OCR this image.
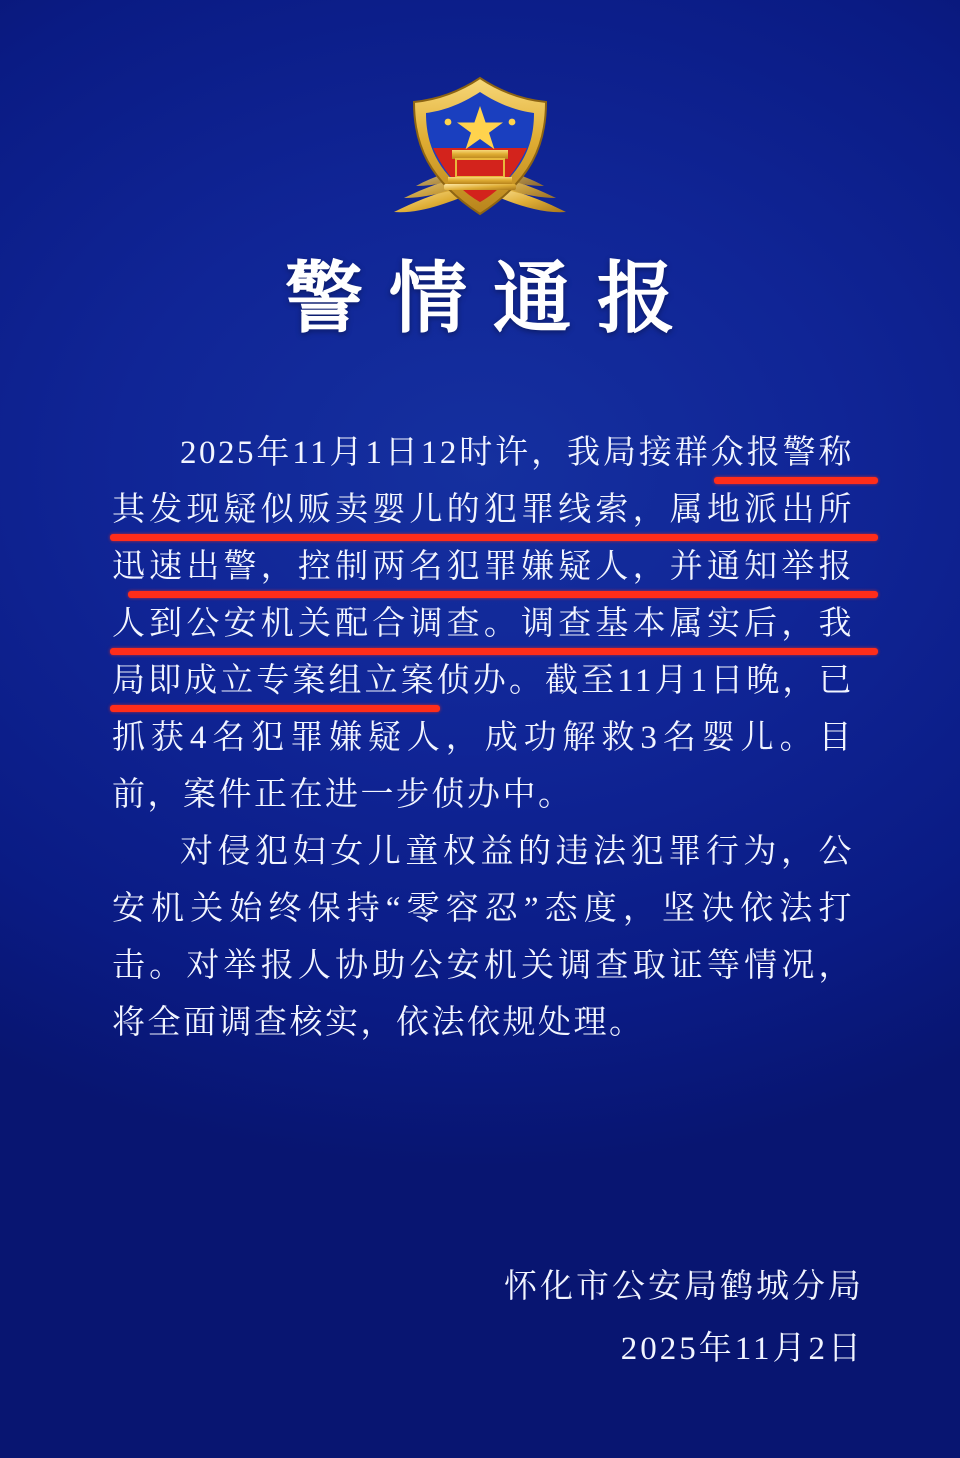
警情通报

2025年11月1日12时许，我局接群众报警称其发现疑似贩卖婴儿的犯罪线索，属地派出所迅速出警，控制两名犯罪嫌疑人，并通知举报人到公安机关配合调查。调查基本属实后，我局即成立专案组立案侦办。截至11月1日晚，已抓获4名犯罪嫌疑人，成功解救3名婴儿。目前，案件正在进一步侦办中。

对侵犯妇女儿童权益的违法犯罪行为，公安机关始终保持“零容忍”态度，坚决依法打击。对举报人协助公安机关调查取证等情况，将全面调查核实，依法依规处理。

怀化市公安局鹤城分局
2025年11月2日
